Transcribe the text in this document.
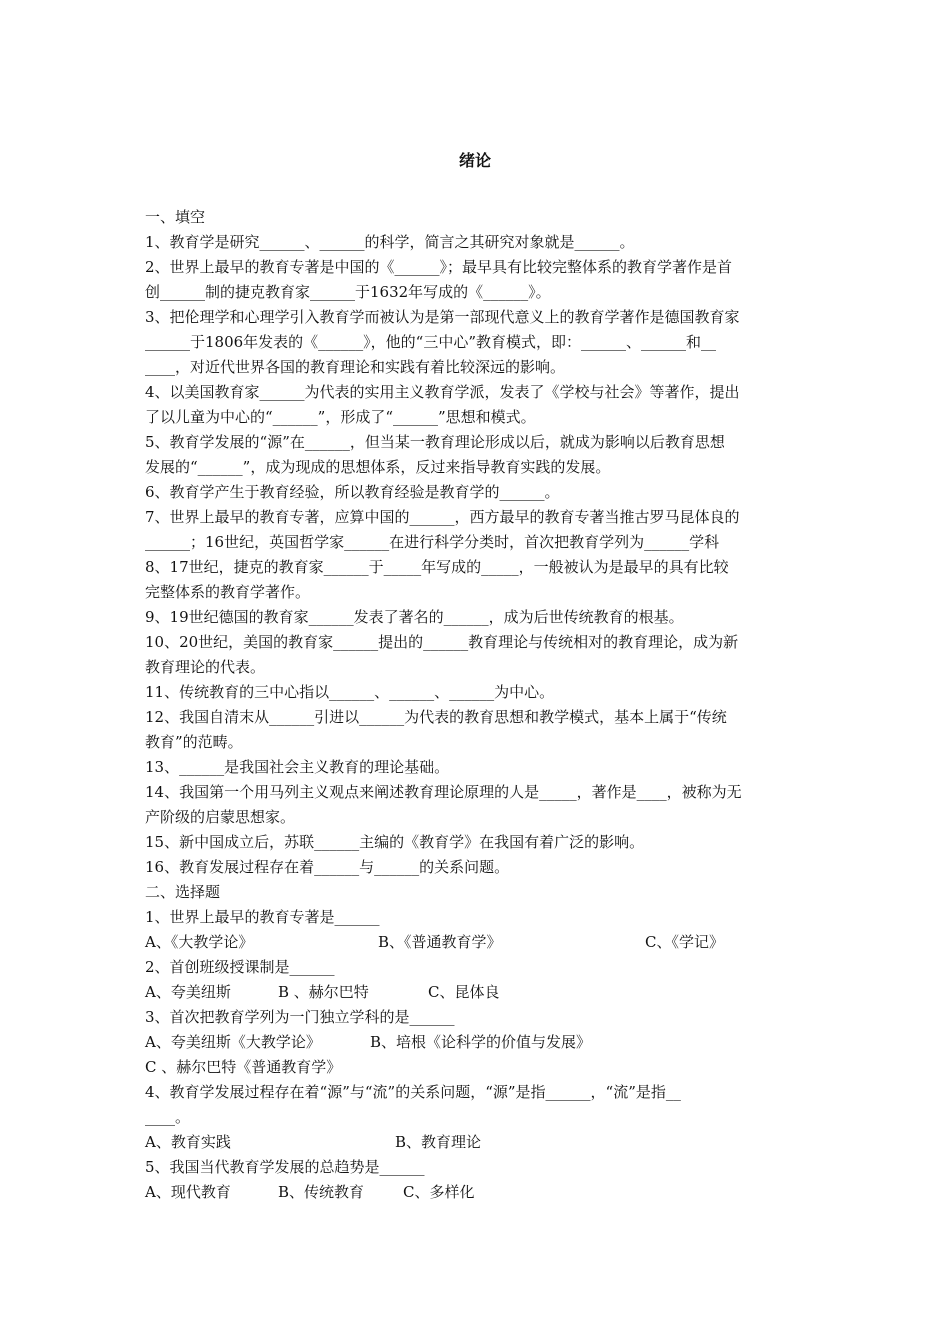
绪论
一、填空
1、教育学是研究______、______的科学，简言之其研究对象就是______。
2、世界上最早的教育专著是中国的《______》；最早具有比较完整体系的教育学著作是首
创______制的捷克教育家______于1632年写成的《______》。
3、把伦理学和心理学引入教育学而被认为是第一部现代意义上的教育学著作是德国教育家
______于1806年发表的《______》，他的“三中心”教育模式，即：______、______和__
____，对近代世界各国的教育理论和实践有着比较深远的影响。
4、以美国教育家______为代表的实用主义教育学派，发表了《学校与社会》等著作，提出
了以儿童为中心的“______”，形成了“______”思想和模式。
5、教育学发展的“源”在______，但当某一教育理论形成以后，就成为影响以后教育思想
发展的“______”，成为现成的思想体系，反过来指导教育实践的发展。
6、教育学产生于教育经验，所以教育经验是教育学的______。
7、世界上最早的教育专著，应算中国的______，西方最早的教育专著当推古罗马昆体良的
______；16世纪，英国哲学家______在进行科学分类时，首次把教育学列为______学科
8、17世纪，捷克的教育家______于_____年写成的_____，一般被认为是最早的具有比较
完整体系的教育学著作。
9、19世纪德国的教育家______发表了著名的______，成为后世传统教育的根基。
10、20世纪，美国的教育家______提出的______教育理论与传统相对的教育理论，成为新
教育理论的代表。
11、传统教育的三中心指以______、______、______为中心。
12、我国自清末从______引进以______为代表的教育思想和教学模式，基本上属于“传统
教育”的范畴。
13、______是我国社会主义教育的理论基础。
14、我国第一个用马列主义观点来阐述教育理论原理的人是_____，著作是____，被称为无
产阶级的启蒙思想家。
15、新中国成立后，苏联______主编的《教育学》在我国有着广泛的影响。
16、教育发展过程存在着______与______的关系问题。
二、选择题
1、世界上最早的教育专著是______
A、《大教学论》	B、《普通教育学》	C、《学记》
2、首创班级授课制是______
A、夸美纽斯	B 、赫尔巴特	C、昆体良
3、首次把教育学列为一门独立学科的是______
A、夸美纽斯《大教学论》	B、培根《论科学的价值与发展》
C 、赫尔巴特《普通教育学》
4、教育学发展过程存在着“源”与“流”的关系问题，“源”是指______，“流”是指__
____。
A、教育实践	B、教育理论
5、我国当代教育学发展的总趋势是______
A、现代教育	B、传统教育	C、多样化
